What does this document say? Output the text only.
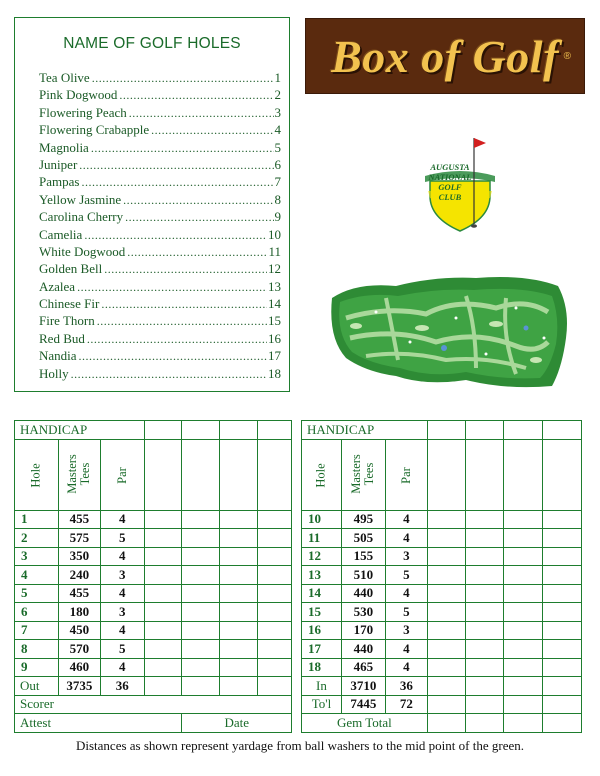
NAME OF GOLF HOLES
Tea Olive .....	1
Pink Dogwood .....	2
Flowering Peach .....	3
Flowering Crabapple .....	4
Magnolia .....	5
Juniper .....	6
Pampas .....	7
Yellow Jasmine .....	8
Carolina Cherry .....	9
Camelia .....	10
White Dogwood .....	11
Golden Bell .....	12
Azalea .....	13
Chinese Fir .....	14
Fire Thorn .....	15
Red Bud .....	16
Nandia .....	17
Holly .....	18
Box of Golf ®
AUGUSTA
NATIONAL
GOLF
CLUB
HANDICAP						
Hole	Masters Tees	Par				
1	455	4				
2	575	5				
3	350	4				
4	240	3				
5	455	4				
6	180	3				
7	450	4				
8	570	5				
9	460	4				
Out	3735	36				
Scorer						
Attest				Date		
HANDICAP						
Hole	Masters Tees	Par				
10	495	4				
11	505	4				
12	155	3				
13	510	5				
14	440	4				
15	530	5				
16	170	3				
17	440	4				
18	465	4				
In	3710	36				
To'l	7445	72				
Gem Total						
Distances as shown represent yardage from ball washers to the mid point of the green.
